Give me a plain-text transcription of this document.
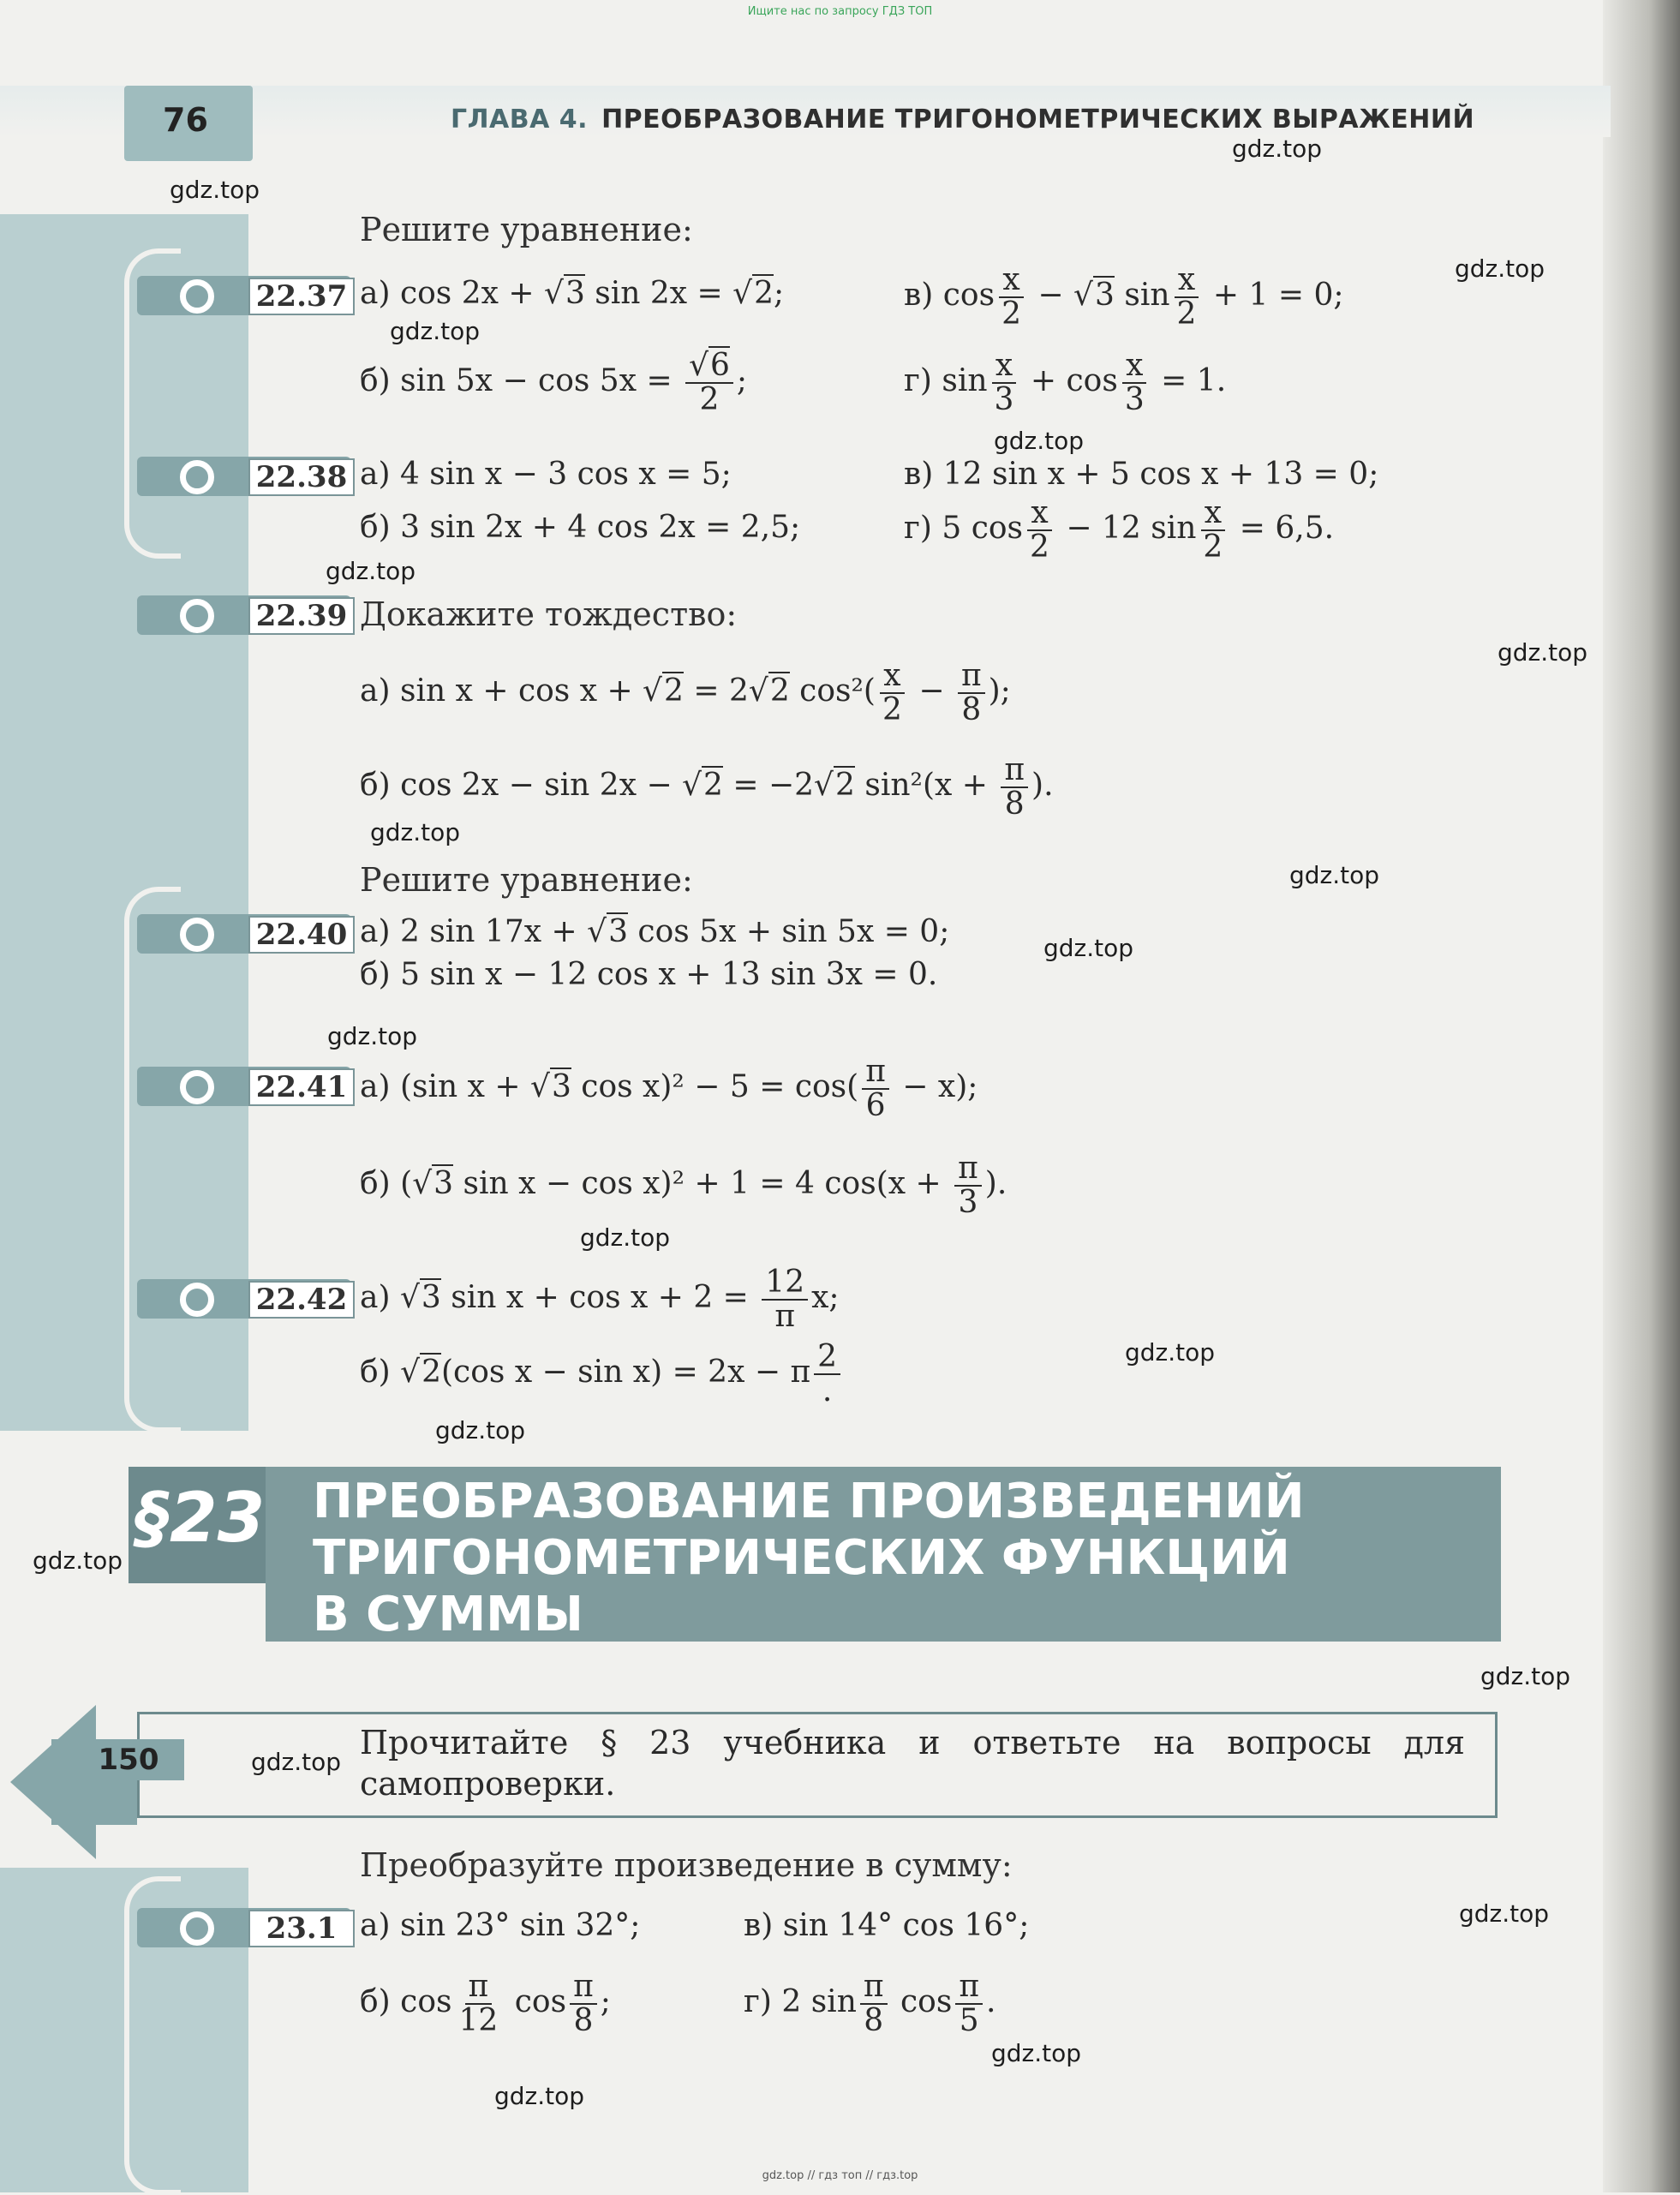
Ищите нас по запросу ГДЗ ТОП
76	ГЛАВА 4. ПРЕОБРАЗОВАНИЕ ТРИГОНОМЕТРИЧЕСКИХ ВЫРАЖЕНИЙ
Решите уравнение:
22.37 а) cos 2x + √3 sin 2x = √2;	в) $\cos \frac{x}{2} - √3$ $\sin \frac{x}{2} + 1 = 0$;
б) $\sin 5x - \cos 5x = \frac{√6}{2}$ ;	г) $\sin \frac{x}{3} + \cos \frac{x}{3} = 1$.
22.38 а) 4 sin x − 3 cos x = 5;	в) 12 sin x + 5 cos x + 13 = 0;
б) 3 sin 2x + 4 cos 2x = 2,5;	г) 5 $\cos \frac{x}{2} - 12$ $\sin \frac{x}{2} = 6,5$.
22.39 Докажите тождество:
а) sin x + cos x + √2 = 2√2 $\cos^2( \frac{x}{2} - \frac{\pi}{8}$ );
б) cos 2x − sin 2x − √2 = −2√2 $\sin^2(x + \frac{\pi}{8}$ ).
Решите уравнение:
22.40 а) 2 sin 17x + √3 cos 5x + sin 5x = 0;
б) 5 sin x − 12 cos x + 13 sin 3x = 0.
22.41 а) (sin x + √3 $\cos x)^2 - 5 = \cos( \frac{\pi}{6} - x)$;
б) (√3 sin x − cos x)² + 1 = 4 $\cos(x + \frac{\pi}{3}$ ).
22.42 а) √3 $\sin x + \cos x + 2 = \frac{12}{\pi} x$;
б) √2(cos x − sin x) = 2x − π $\frac{2}{.}$
§23 ПРЕОБРАЗОВАНИЕ ПРОИЗВЕДЕНИЙ
ТРИГОНОМЕТРИЧЕСКИХ ФУНКЦИЙ
В СУММЫ
150	Прочитайте § 23 учебника и ответьте на вопросы для самопроверки.
Преобразуйте произведение в сумму:
23.1 а) sin 23° sin 32°;	в) sin 14° cos 16°;
б) $\cos \frac{\pi}{12}$ $\cos \frac{\pi}{8}$ ;	г) 2 $\sin \frac{\pi}{8}$ $\cos \frac{\pi}{5}$ .
gdz.top
gdz.top
gdz.top
gdz.top
gdz.top
gdz.top
gdz.top
gdz.top
gdz.top
gdz.top
gdz.top
gdz.top
gdz.top
gdz.top
gdz.top
gdz.top
gdz.top
gdz.top
gdz.top
gdz.top
gdz.top // гдз топ // гдз.top
